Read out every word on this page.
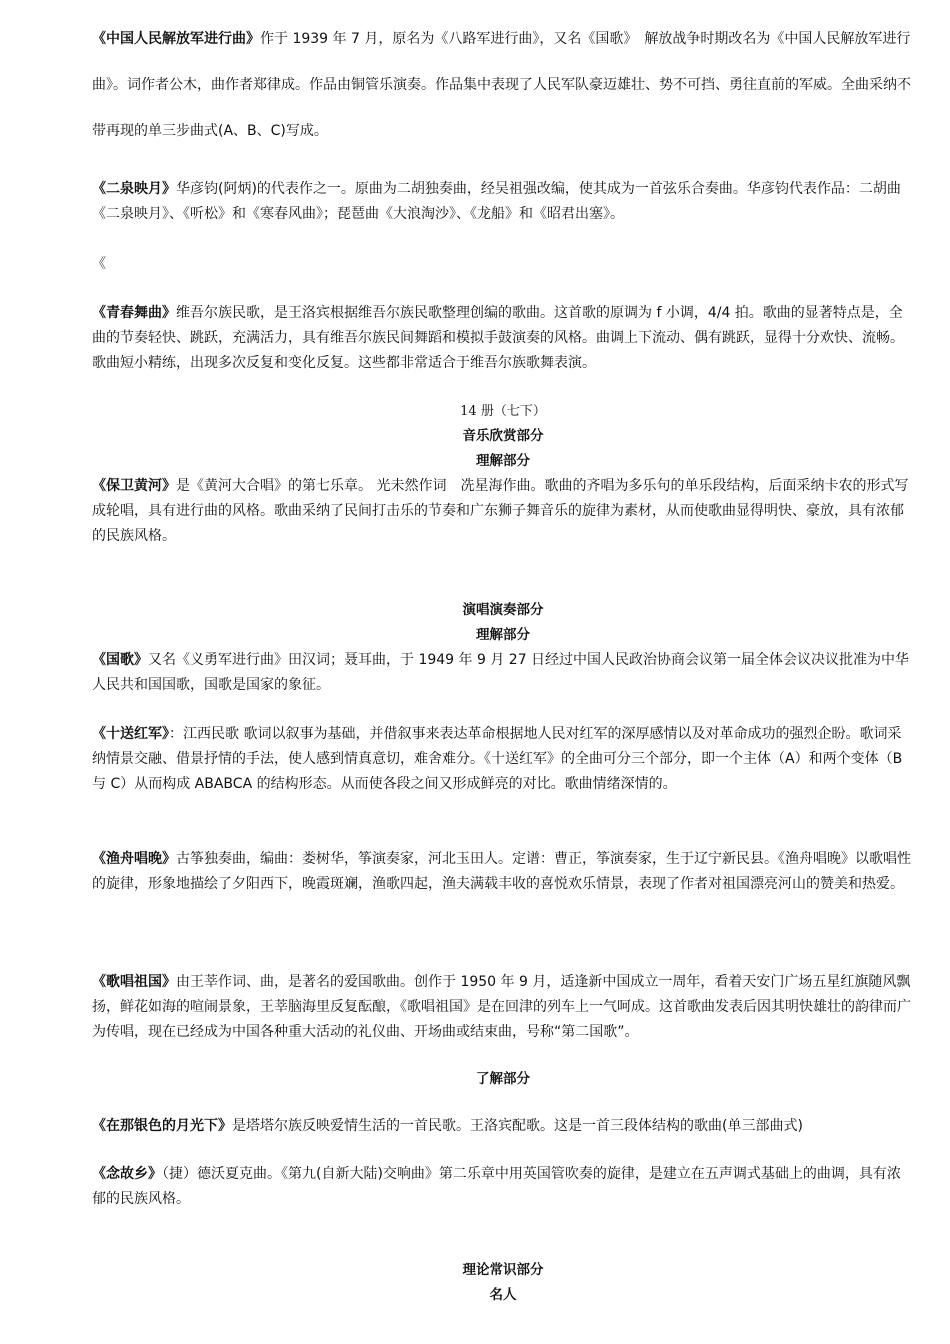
《中国人民解放军进行曲》作于 1939 年 7 月，原名为《八路军进行曲》，又名《国歌》　解放战争时期改名为《中国人民解放军进行曲》。词作者公木，曲作者郑律成。作品由铜管乐演奏。作品集中表现了人民军队豪迈雄壮、势不可挡、勇往直前的军威。全曲采纳不带再现的单三步曲式(A、B、C)写成。

《二泉映月》华彦钧(阿炳)的代表作之一。原曲为二胡独奏曲，经吴祖强改编，使其成为一首弦乐合奏曲。华彦钧代表作品：二胡曲《二泉映月》、《听松》和《寒春风曲》；琵琶曲《大浪淘沙》、《龙船》和《昭君出塞》。

《

《青春舞曲》维吾尔族民歌，是王洛宾根据维吾尔族民歌整理创编的歌曲。这首歌的原调为 f 小调，4/4 拍。歌曲的显著特点是，全曲的节奏轻快、跳跃，充满活力，具有维吾尔族民间舞蹈和模拟手鼓演奏的风格。曲调上下流动、偶有跳跃，显得十分欢快、流畅。歌曲短小精练，出现多次反复和变化反复。这些都非常适合于维吾尔族歌舞表演。

14 册（七下）
音乐欣赏部分
理解部分

《保卫黄河》是《黄河大合唱》的第七乐章。 光未然作词　冼星海作曲。歌曲的齐唱为多乐句的单乐段结构，后面采纳卡农的形式写成轮唱，具有进行曲的风格。歌曲采纳了民间打击乐的节奏和广东狮子舞音乐的旋律为素材，从而使歌曲显得明快、豪放，具有浓郁的民族风格。

演唱演奏部分
理解部分

《国歌》又名《义勇军进行曲》田汉词；聂耳曲，于 1949 年 9 月 27 日经过中国人民政治协商会议第一届全体会议决议批准为中华人民共和国国歌，国歌是国家的象征。

《十送红军》：江西民歌 歌词以叙事为基础，并借叙事来表达革命根据地人民对红军的深厚感情以及对革命成功的强烈企盼。歌词采纳情景交融、借景抒情的手法，使人感到情真意切，难舍难分。《十送红军》的全曲可分三个部分，即一个主体（A）和两个变体（B 与 C）从而构成 ABABCA 的结构形态。从而使各段之间又形成鲜亮的对比。歌曲情绪深情的。

《渔舟唱晚》古筝独奏曲，编曲：娄树华，筝演奏家，河北玉田人。定谱：曹正，筝演奏家，生于辽宁新民县。《渔舟唱晚》以歌唱性的旋律，形象地描绘了夕阳西下，晚霞斑斓，渔歌四起，渔夫满载丰收的喜悦欢乐情景，表现了作者对祖国漂亮河山的赞美和热爱。

《歌唱祖国》由王莘作词、曲，是著名的爱国歌曲。创作于 1950 年 9 月，适逢新中国成立一周年，看着天安门广场五星红旗随风飘扬，鲜花如海的喧闹景象，王莘脑海里反复酝酿，《歌唱祖国》是在回津的列车上一气呵成。这首歌曲发表后因其明快雄壮的韵律而广为传唱，现在已经成为中国各种重大活动的礼仪曲、开场曲或结束曲，号称“第二国歌”。

了解部分

《在那银色的月光下》是塔塔尔族反映爱情生活的一首民歌。王洛宾配歌。这是一首三段体结构的歌曲(单三部曲式)

《念故乡》（捷）德沃夏克曲。《第九(自新大陆)交响曲》第二乐章中用英国管吹奏的旋律，是建立在五声调式基础上的曲调，具有浓郁的民族风格。

理论常识部分
名人
